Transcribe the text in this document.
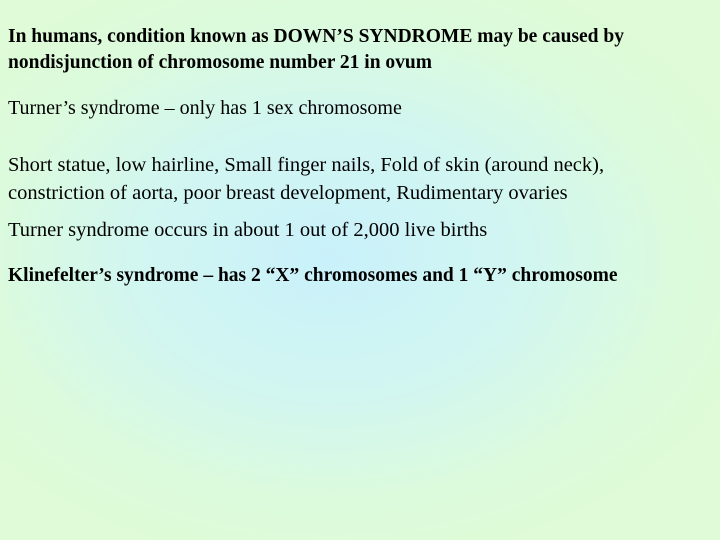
In humans, condition known as DOWN’S SYNDROME may be caused by
nondisjunction of chromosome number 21 in ovum

Turner’s syndrome – only has 1 sex chromosome

Short statue, low hairline, Small finger nails, Fold of skin (around neck),
constriction of aorta, poor breast development, Rudimentary ovaries

Turner syndrome occurs in about 1 out of 2,000 live births

Klinefelter’s syndrome – has 2 “X” chromosomes and 1 “Y” chromosome
